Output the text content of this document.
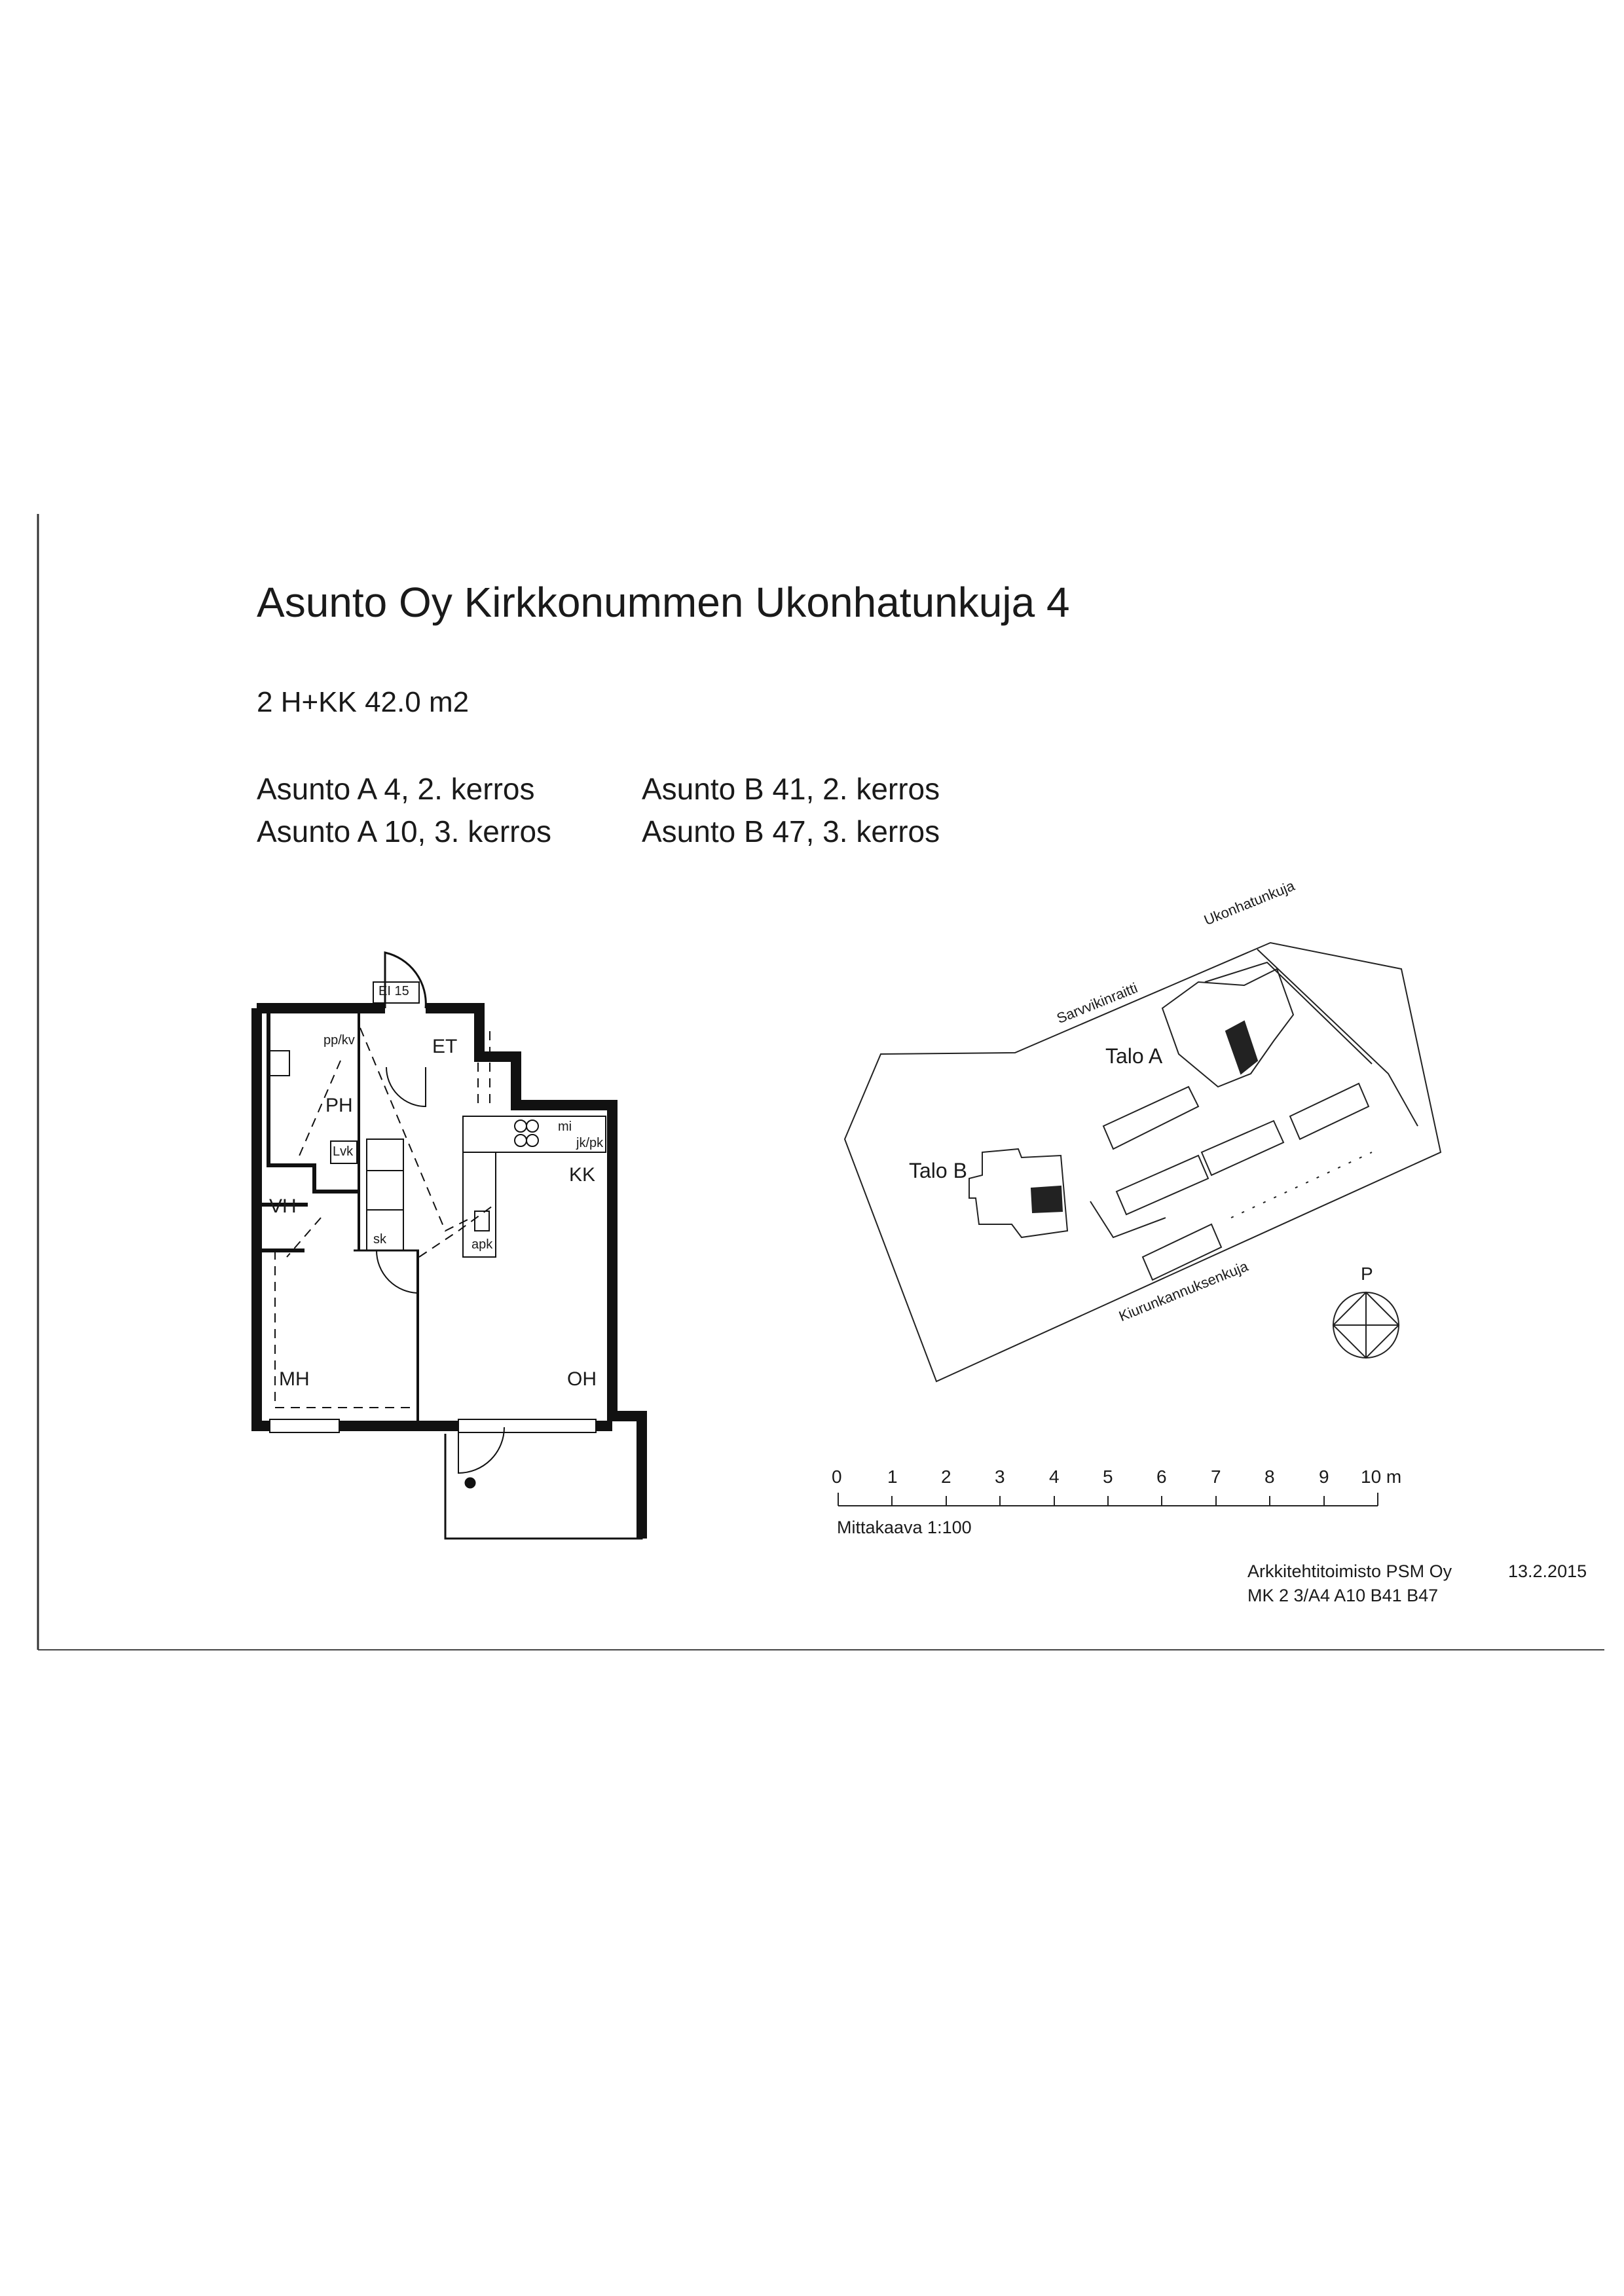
Asunto Oy Kirkkonummen Ukonhatunkuja 4
2 H+KK 42.0 m2
Asunto A 4, 2. kerros
Asunto A 10, 3. kerros
Asunto B 41, 2. kerros
Asunto B 47, 3. kerros
EI 15
ET
PH
KK
OH
MH
VH
pp/kv
Lvk
mi
jk/pk
apk
sk
Ukonhatunkuja
Sarvvikinraitti
Kiurunkannuksenkuja
Talo A
Talo B
P
0 1 2 3 4 5 6 7 8 9 10 m
Mittakaava 1:100
Arkkitehtitoimisto PSM Oy
MK 2 3/A4 A10 B41 B47
13.2.2015
